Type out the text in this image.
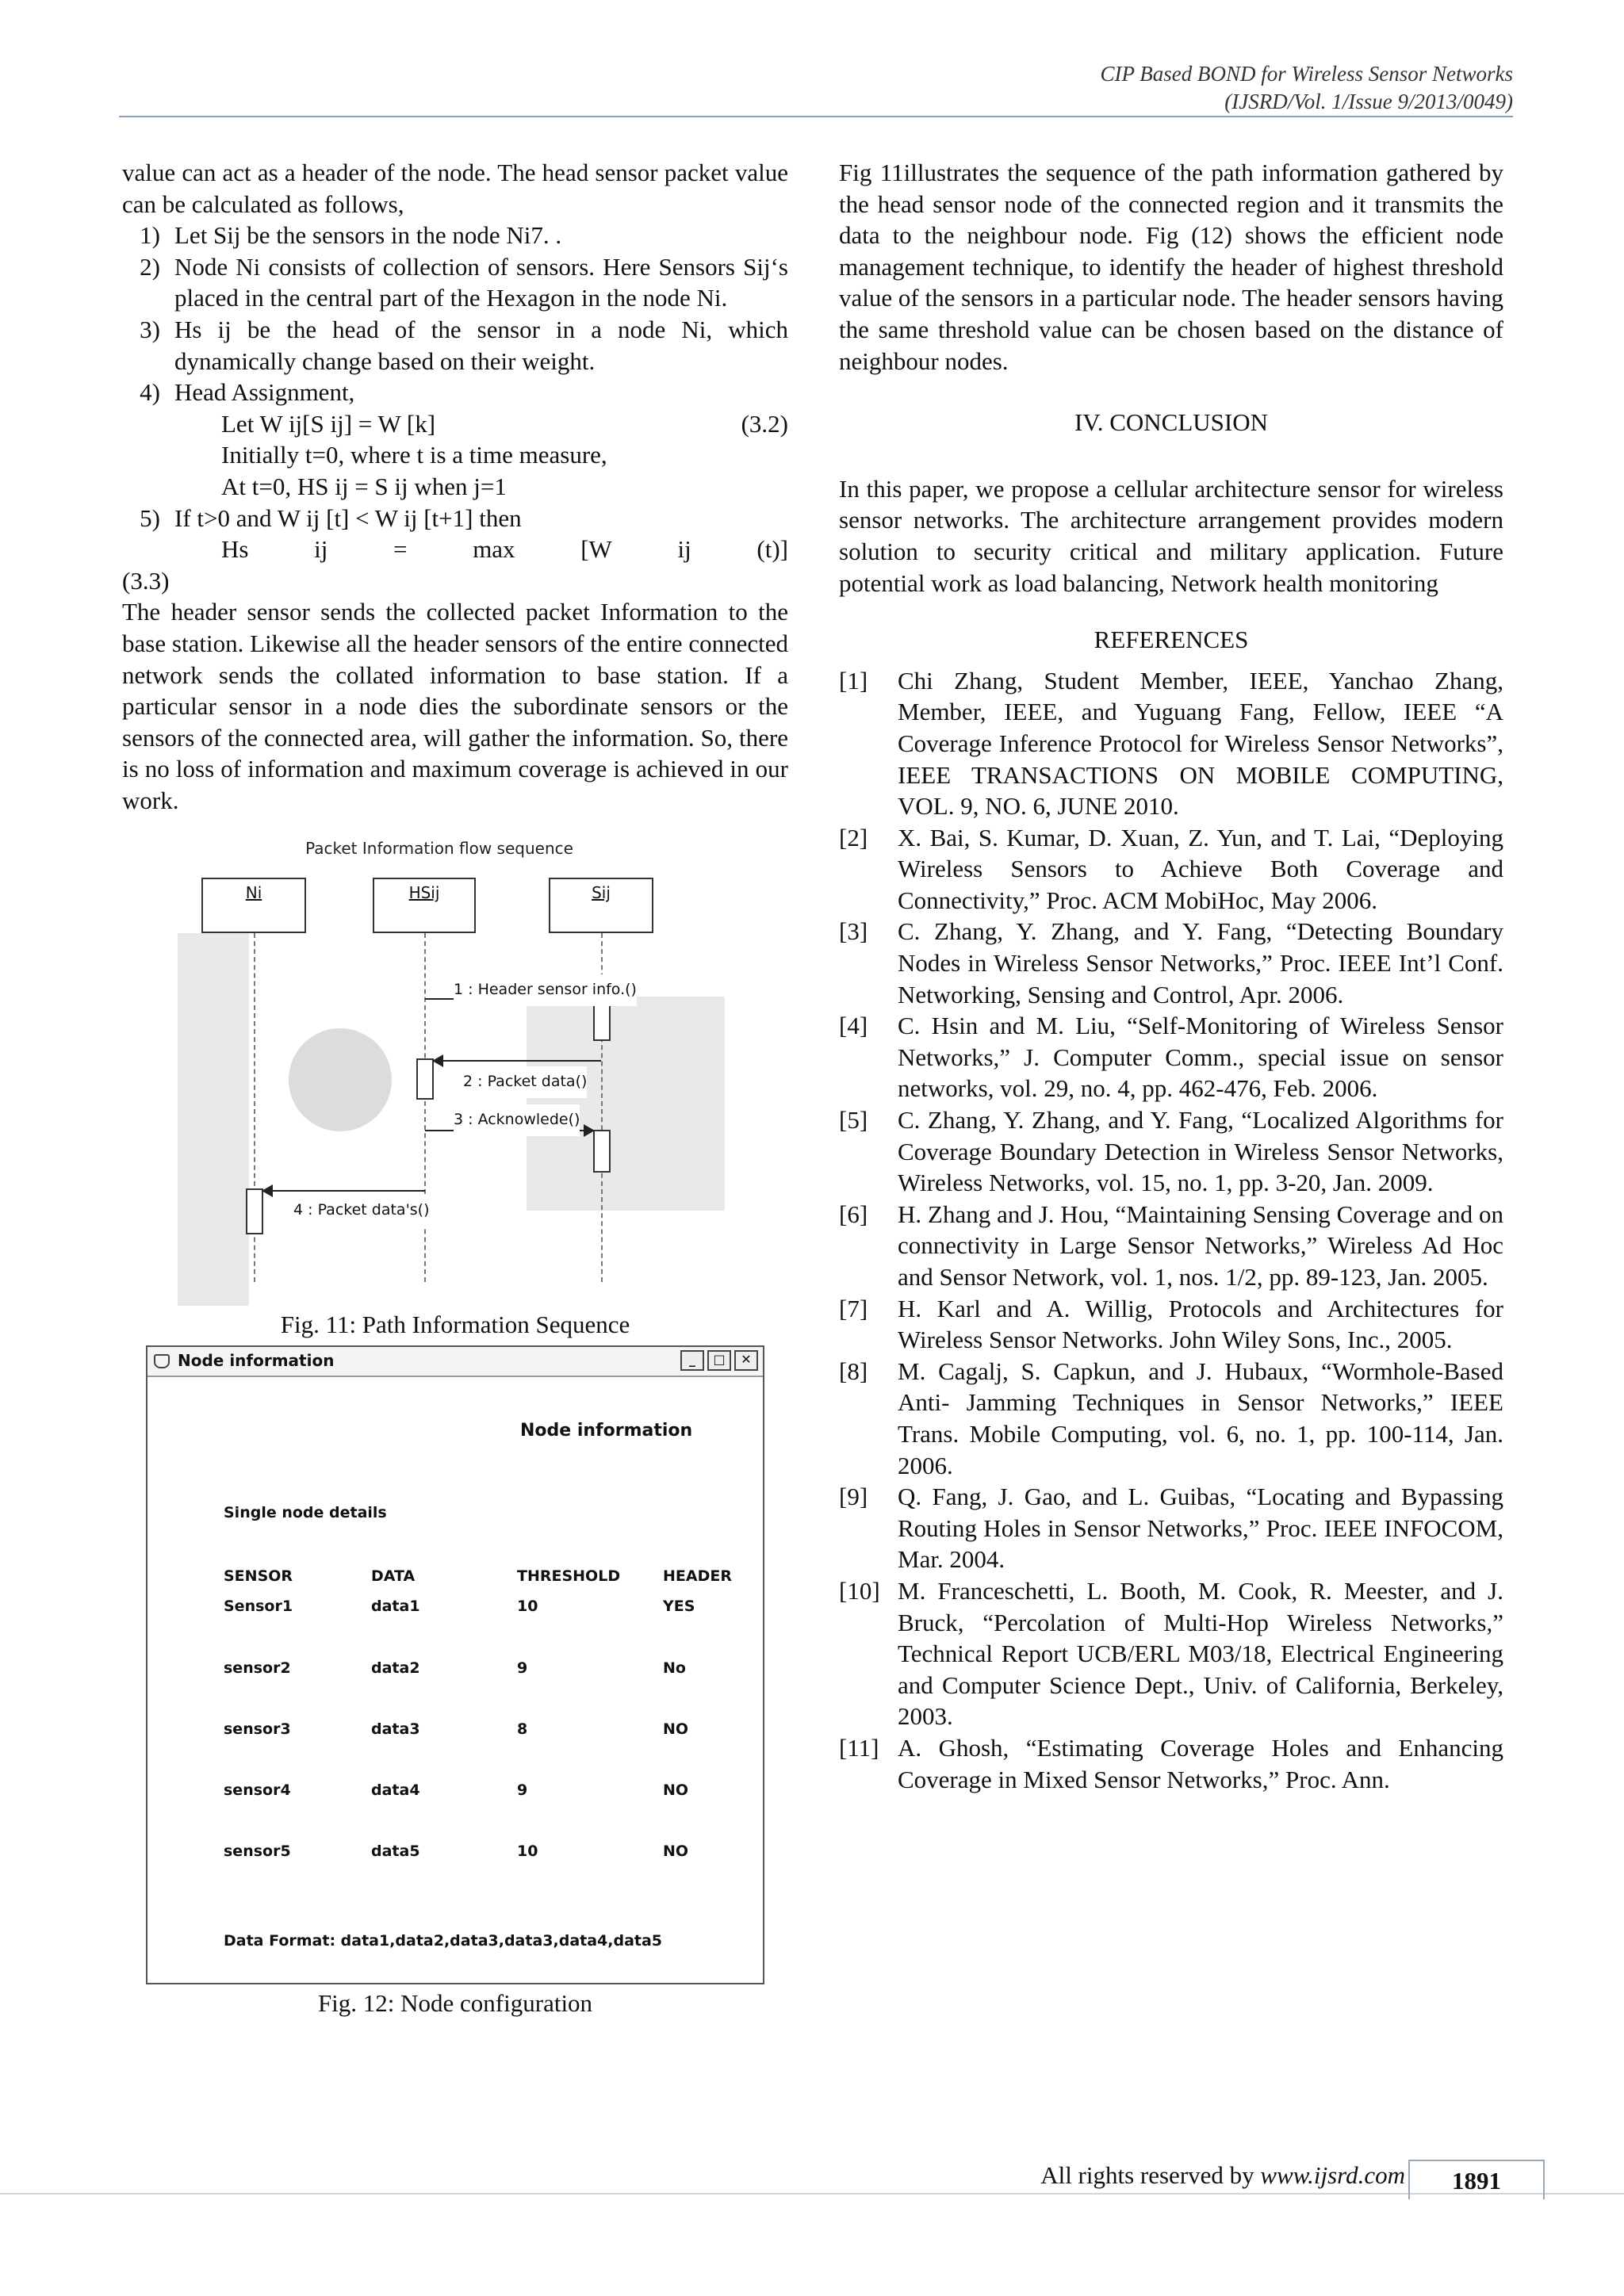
CIP Based BOND for Wireless Sensor Networks
(IJSRD/Vol. 1/Issue 9/2013/0049)

value can act as a header of the node. The head sensor packet value can be calculated as follows,

1) Let Sij be the sensors in the node Ni7. .
2) Node Ni consists of collection of sensors. Here Sensors Sij‘s placed in the central part of the Hexagon in the node Ni.
3) Hs ij be the head of the sensor in a node Ni, which dynamically change based on their weight.
4) Head Assignment,
Let W ij[S ij] = W [k]	(3.2)
Initially t=0, where t is a time measure,
At t=0, HS ij = S ij when j=1
5) If t>0 and W ij [t] < W ij [t+1] then
Hs	ij	=	max	[W	ij	(t)]
(3.3)

The header sensor sends the collected packet Information to the base station. Likewise all the header sensors of the entire connected network sends the collated information to base station. If a particular sensor in a node dies the subordinate sensors or the sensors of the connected area, will gather the information. So, there is no loss of information and maximum coverage is achieved in our work.

Packet Information flow sequence
Ni	HSij	Sij
1 : Header sensor info.()
2 : Packet data()
3 : Acknowlede()
4 : Packet data's()
Fig. 11: Path Information Sequence
Node information	_	□	✕
Node information
Single node details
SENSOR	DATA	THRESHOLD	HEADER
Sensor1	data1	10	YES
sensor2	data2	9	No
sensor3	data3	8	NO
sensor4	data4	9	NO
sensor5	data5	10	NO
Data Format: data1,data2,data3,data3,data4,data5
Fig. 12: Node configuration

Fig 11illustrates the sequence of the path information gathered by the head sensor node of the connected region and it transmits the data to the neighbour node. Fig (12) shows the efficient node management technique, to identify the header of highest threshold value of the sensors in a particular node. The header sensors having the same threshold value can be chosen based on the distance of neighbour nodes.

IV. CONCLUSION

In this paper, we propose a cellular architecture sensor for wireless sensor networks. The architecture arrangement provides modern solution to security critical and military application. Future potential work as load balancing, Network health monitoring

REFERENCES
[1]	Chi Zhang, Student Member, IEEE, Yanchao Zhang, Member, IEEE, and Yuguang Fang, Fellow, IEEE “A Coverage Inference Protocol for Wireless Sensor Networks”, IEEE TRANSACTIONS ON MOBILE COMPUTING, VOL. 9, NO. 6, JUNE 2010.
[2]	X. Bai, S. Kumar, D. Xuan, Z. Yun, and T. Lai, “Deploying Wireless Sensors to Achieve Both Coverage and Connectivity,” Proc. ACM MobiHoc, May 2006.
[3]	C. Zhang, Y. Zhang, and Y. Fang, “Detecting Boundary Nodes in Wireless Sensor Networks,” Proc. IEEE Int’l Conf. Networking, Sensing and Control, Apr. 2006.
[4]	C. Hsin and M. Liu, “Self-Monitoring of Wireless Sensor Networks,” J. Computer Comm., special issue on sensor networks, vol. 29, no. 4, pp. 462-476, Feb. 2006.
[5]	C. Zhang, Y. Zhang, and Y. Fang, “Localized Algorithms for Coverage Boundary Detection in Wireless Sensor Networks, Wireless Networks, vol. 15, no. 1, pp. 3-20, Jan. 2009.
[6]	H. Zhang and J. Hou, “Maintaining Sensing Coverage and on connectivity in Large Sensor Networks,” Wireless Ad Hoc and Sensor Network, vol. 1, nos. 1/2, pp. 89-123, Jan. 2005.
[7]	H. Karl and A. Willig, Protocols and Architectures for Wireless Sensor Networks. John Wiley Sons, Inc., 2005.
[8]	M. Cagalj, S. Capkun, and J. Hubaux, “Wormhole-Based Anti- Jamming Techniques in Sensor Networks,” IEEE Trans. Mobile Computing, vol. 6, no. 1, pp. 100-114, Jan. 2006.
[9]	Q. Fang, J. Gao, and L. Guibas, “Locating and Bypassing Routing Holes in Sensor Networks,” Proc. IEEE INFOCOM, Mar. 2004.
[10] M. Franceschetti, L. Booth, M. Cook, R. Meester, and J. Bruck, “Percolation of Multi-Hop Wireless Networks,” Technical Report UCB/ERL M03/18, Electrical Engineering and Computer Science Dept., Univ. of California, Berkeley, 2003.
[11] A. Ghosh, “Estimating Coverage Holes and Enhancing Coverage in Mixed Sensor Networks,” Proc. Ann.
All rights reserved by www.ijsrd.com	1891
